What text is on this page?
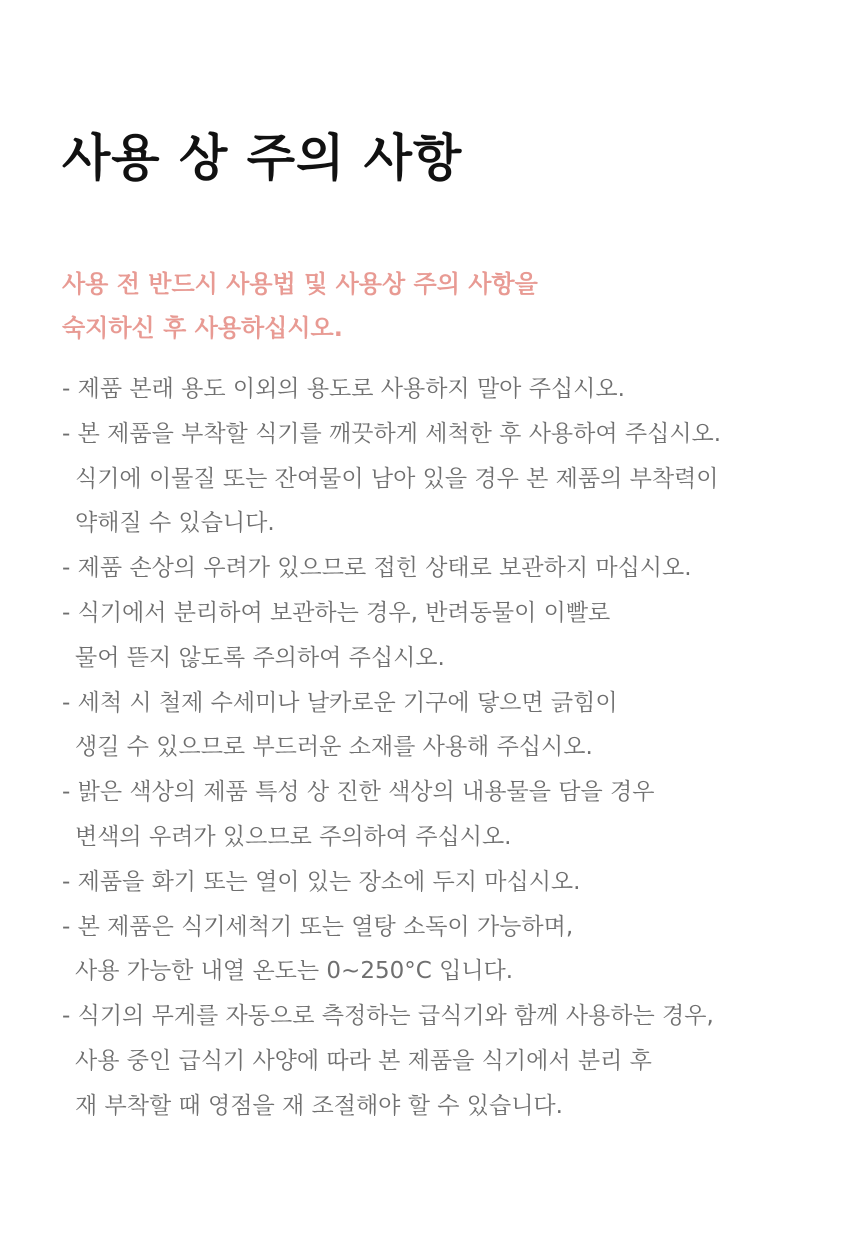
사용 상 주의 사항
사용 전 반드시 사용법 및 사용상 주의 사항을
숙지하신 후 사용하십시오.
- 제품 본래 용도 이외의 용도로 사용하지 말아 주십시오.
- 본 제품을 부착할 식기를 깨끗하게 세척한 후 사용하여 주십시오.
식기에 이물질 또는 잔여물이 남아 있을 경우 본 제품의 부착력이
약해질 수 있습니다.
- 제품 손상의 우려가 있으므로 접힌 상태로 보관하지 마십시오.
- 식기에서 분리하여 보관하는 경우, 반려동물이 이빨로
물어 뜯지 않도록 주의하여 주십시오.
- 세척 시 철제 수세미나 날카로운 기구에 닿으면 긁힘이
생길 수 있으므로 부드러운 소재를 사용해 주십시오.
- 밝은 색상의 제품 특성 상 진한 색상의 내용물을 담을 경우
변색의 우려가 있으므로 주의하여 주십시오.
- 제품을 화기 또는 열이 있는 장소에 두지 마십시오.
- 본 제품은 식기세척기 또는 열탕 소독이 가능하며,
사용 가능한 내열 온도는 0~250°C 입니다.
- 식기의 무게를 자동으로 측정하는 급식기와 함께 사용하는 경우,
사용 중인 급식기 사양에 따라 본 제품을 식기에서 분리 후
재 부착할 때 영점을 재 조절해야 할 수 있습니다.
